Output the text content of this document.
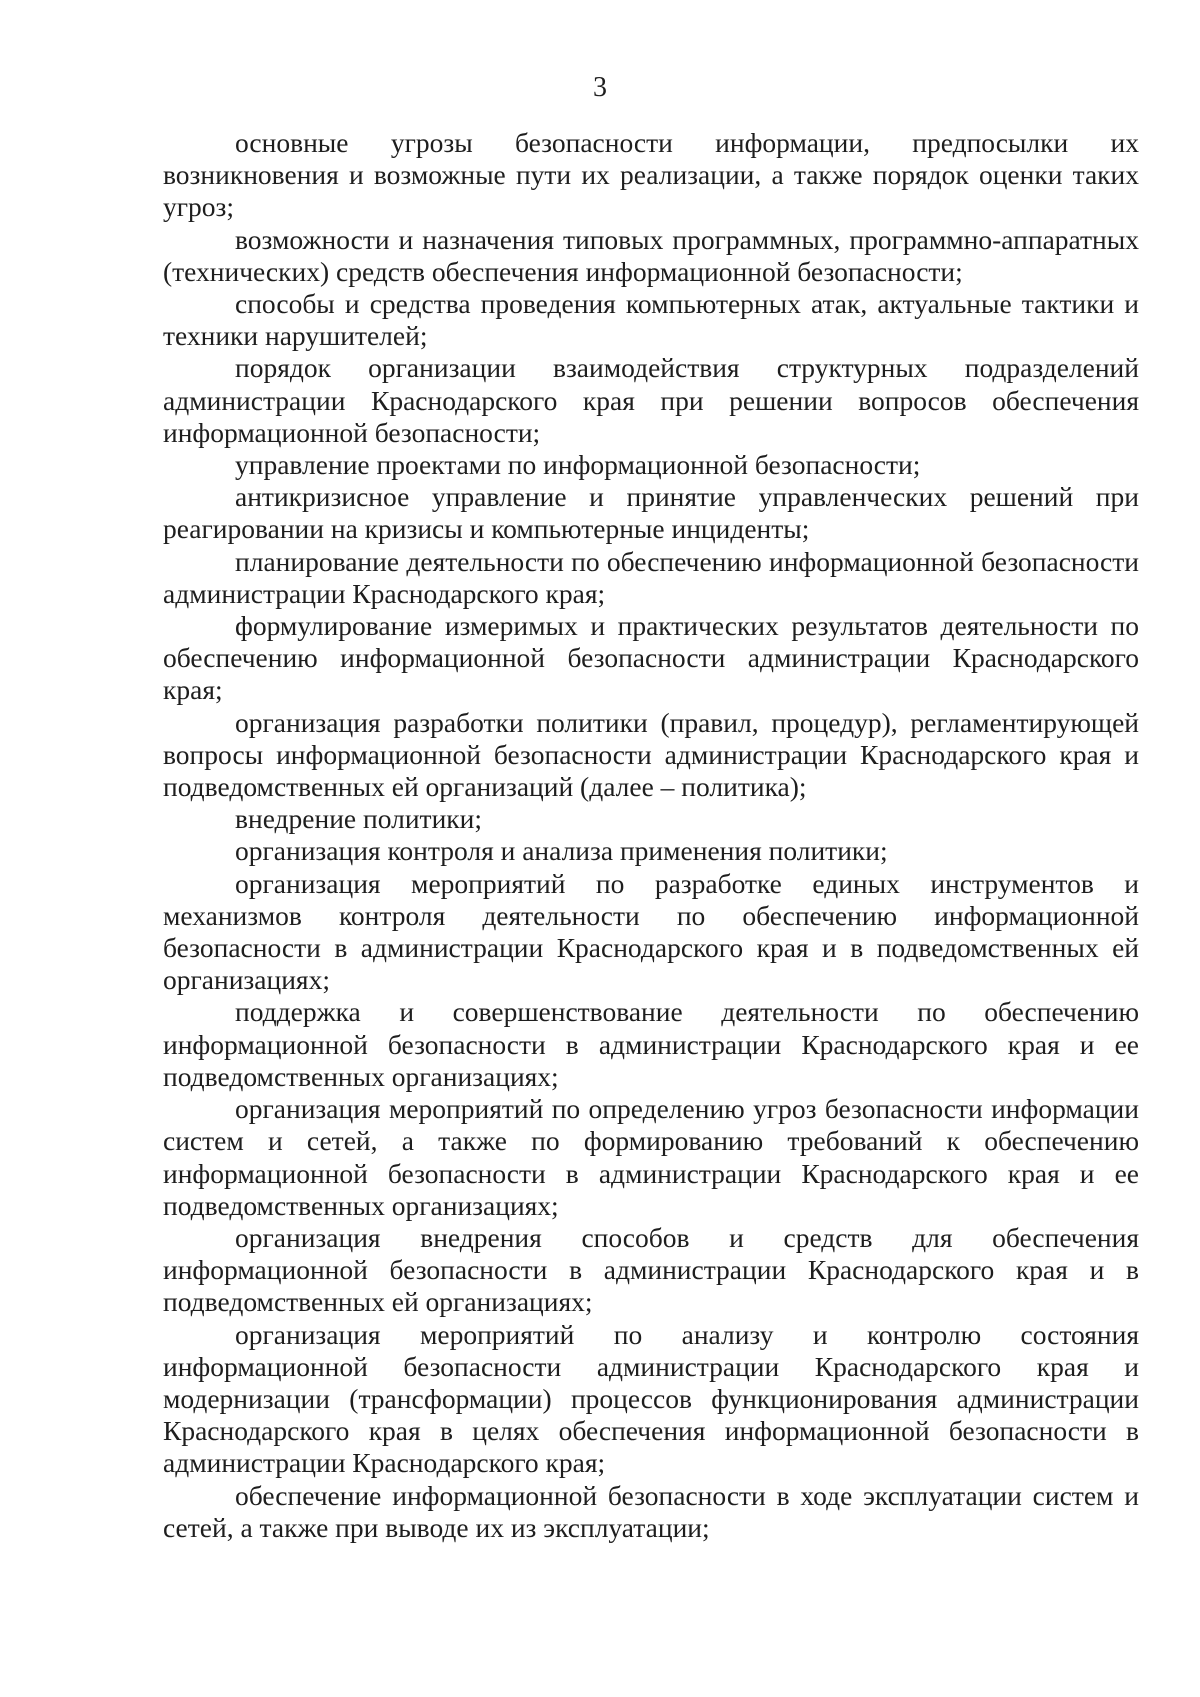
3

основные угрозы безопасности информации, предпосылки их возникновения и возможные пути их реализации, а также порядок оценки таких угроз;

возможности и назначения типовых программных, программно-аппаратных (технических) средств обеспечения информационной безопасности;

способы и средства проведения компьютерных атак, актуальные тактики и техники нарушителей;

порядок организации взаимодействия структурных подразделений администрации Краснодарского края при решении вопросов обеспечения информационной безопасности;

управление проектами по информационной безопасности;

антикризисное управление и принятие управленческих решений при реагировании на кризисы и компьютерные инциденты;

планирование деятельности по обеспечению информационной безопасности администрации Краснодарского края;

формулирование измеримых и практических результатов деятельности по обеспечению информационной безопасности администрации Краснодарского края;

организация разработки политики (правил, процедур), регламентирующей вопросы информационной безопасности администрации Краснодарского края и подведомственных ей организаций (далее – политика);

внедрение политики;

организация контроля и анализа применения политики;

организация мероприятий по разработке единых инструментов и механизмов контроля деятельности по обеспечению информационной безопасности в администрации Краснодарского края и в подведомственных ей организациях;

поддержка и совершенствование деятельности по обеспечению информационной безопасности в администрации Краснодарского края и ее подведомственных организациях;

организация мероприятий по определению угроз безопасности информации систем и сетей, а также по формированию требований к обеспечению информационной безопасности в администрации Краснодарского края и ее подведомственных организациях;

организация внедрения способов и средств для обеспечения информационной безопасности в администрации Краснодарского края и в подведомственных ей организациях;

организация мероприятий по анализу и контролю состояния информационной безопасности администрации Краснодарского края и модернизации (трансформации) процессов функционирования администрации Краснодарского края в целях обеспечения информационной безопасности в администрации Краснодарского края;

обеспечение информационной безопасности в ходе эксплуатации систем и сетей, а также при выводе их из эксплуатации;
